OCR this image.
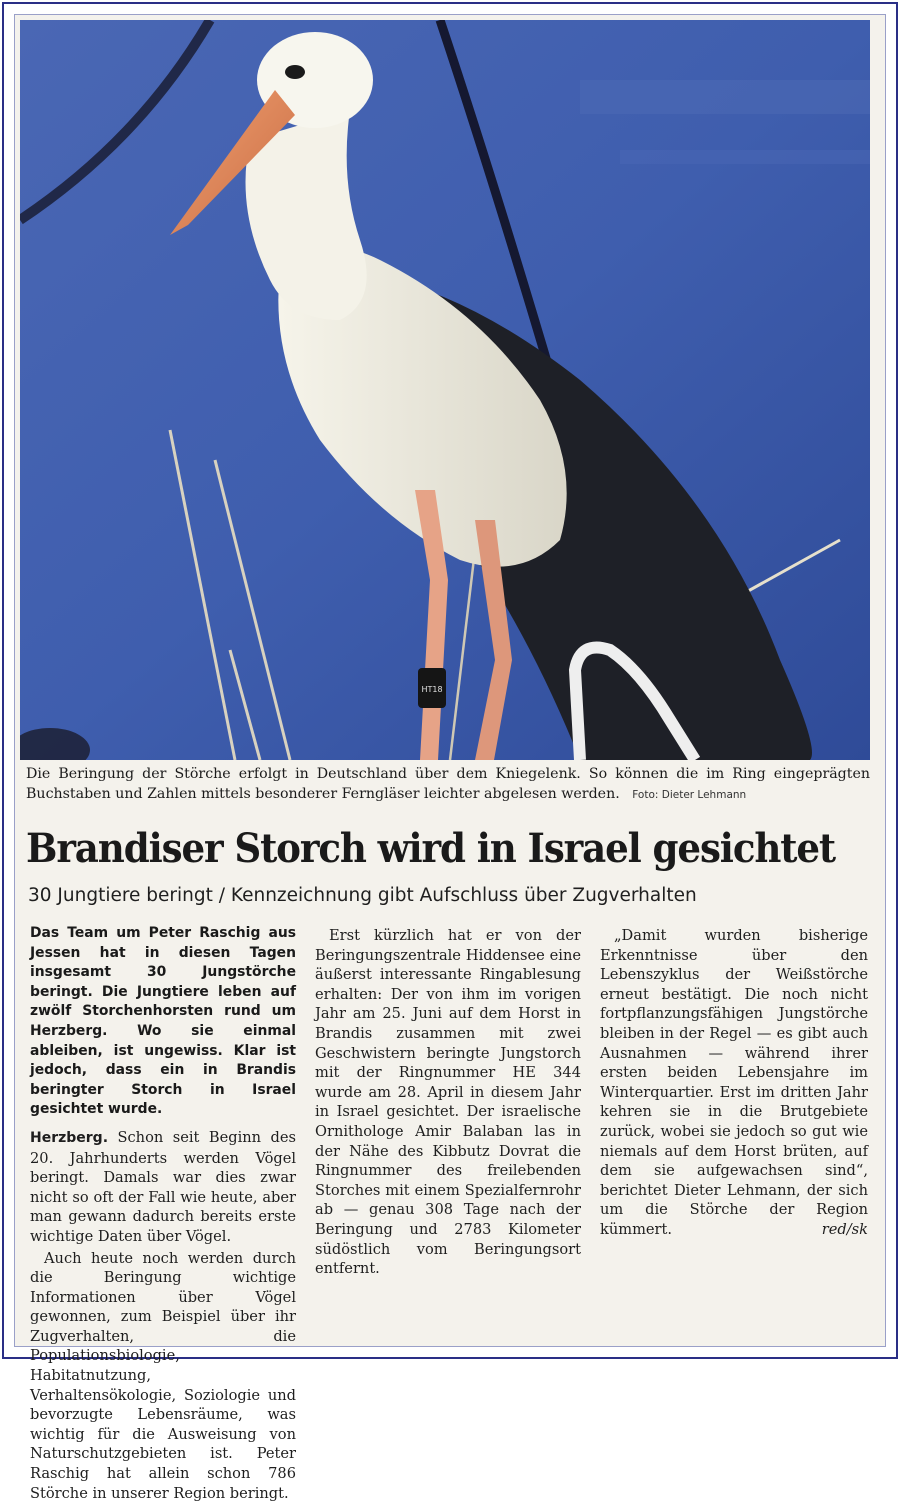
HT18
Die Beringung der Störche erfolgt in Deutschland über dem Kniegelenk. So können die im Ring eingeprägten Buchstaben und Zahlen mittels besonderer Ferngläser leichter abgelesen werden. Foto: Dieter Lehmann
Brandiser Storch wird in Israel gesichtet
30 Jungtiere beringt / Kennzeichnung gibt Aufschluss über Zugverhalten

Das Team um Peter Raschig aus Jessen hat in diesen Tagen insgesamt 30 Jungstörche beringt. Die Jungtiere leben auf zwölf Storchenhorsten rund um Herzberg. Wo sie einmal ableiben, ist ungewiss. Klar ist jedoch, dass ein in Brandis beringter Storch in Israel gesichtet wurde.

Herzberg. Schon seit Beginn des 20. Jahrhunderts werden Vögel beringt. Damals war dies zwar nicht so oft der Fall wie heute, aber man gewann dadurch bereits erste wichtige Daten über Vögel.

Auch heute noch werden durch die Beringung wichtige Informationen über Vögel gewonnen, zum Beispiel über ihr Zugverhalten, die Populationsbiologie, Habitatnutzung, Verhaltensökologie, Soziologie und bevorzugte Lebensräume, was wichtig für die Ausweisung von Naturschutzgebieten ist. Peter Raschig hat allein schon 786 Störche in unserer Region beringt.

Erst kürzlich hat er von der Beringungszentrale Hiddensee eine äußerst interessante Ringablesung erhalten: Der von ihm im vorigen Jahr am 25. Juni auf dem Horst in Brandis zusammen mit zwei Geschwistern beringte Jungstorch mit der Ringnummer HE 344 wurde am 28. April in diesem Jahr in Israel gesichtet. Der israelische Ornithologe Amir Balaban las in der Nähe des Kibbutz Dovrat die Ringnummer des freilebenden Storches mit einem Spezialfernrohr ab — genau 308 Tage nach der Beringung und 2783 Kilometer südöstlich vom Beringungsort entfernt.

„Damit wurden bisherige Erkenntnisse über den Lebenszyklus der Weißstörche erneut bestätigt. Die noch nicht fortpflanzungsfähigen Jungstörche bleiben in der Regel — es gibt auch Ausnahmen — während ihrer ersten beiden Lebensjahre im Winterquartier. Erst im dritten Jahr kehren sie in die Brutgebiete zurück, wobei sie jedoch so gut wie niemals auf dem Horst brüten, auf dem sie aufgewachsen sind“, berichtet Dieter Lehmann, der sich um die Störche der Region kümmert.	red/sk
